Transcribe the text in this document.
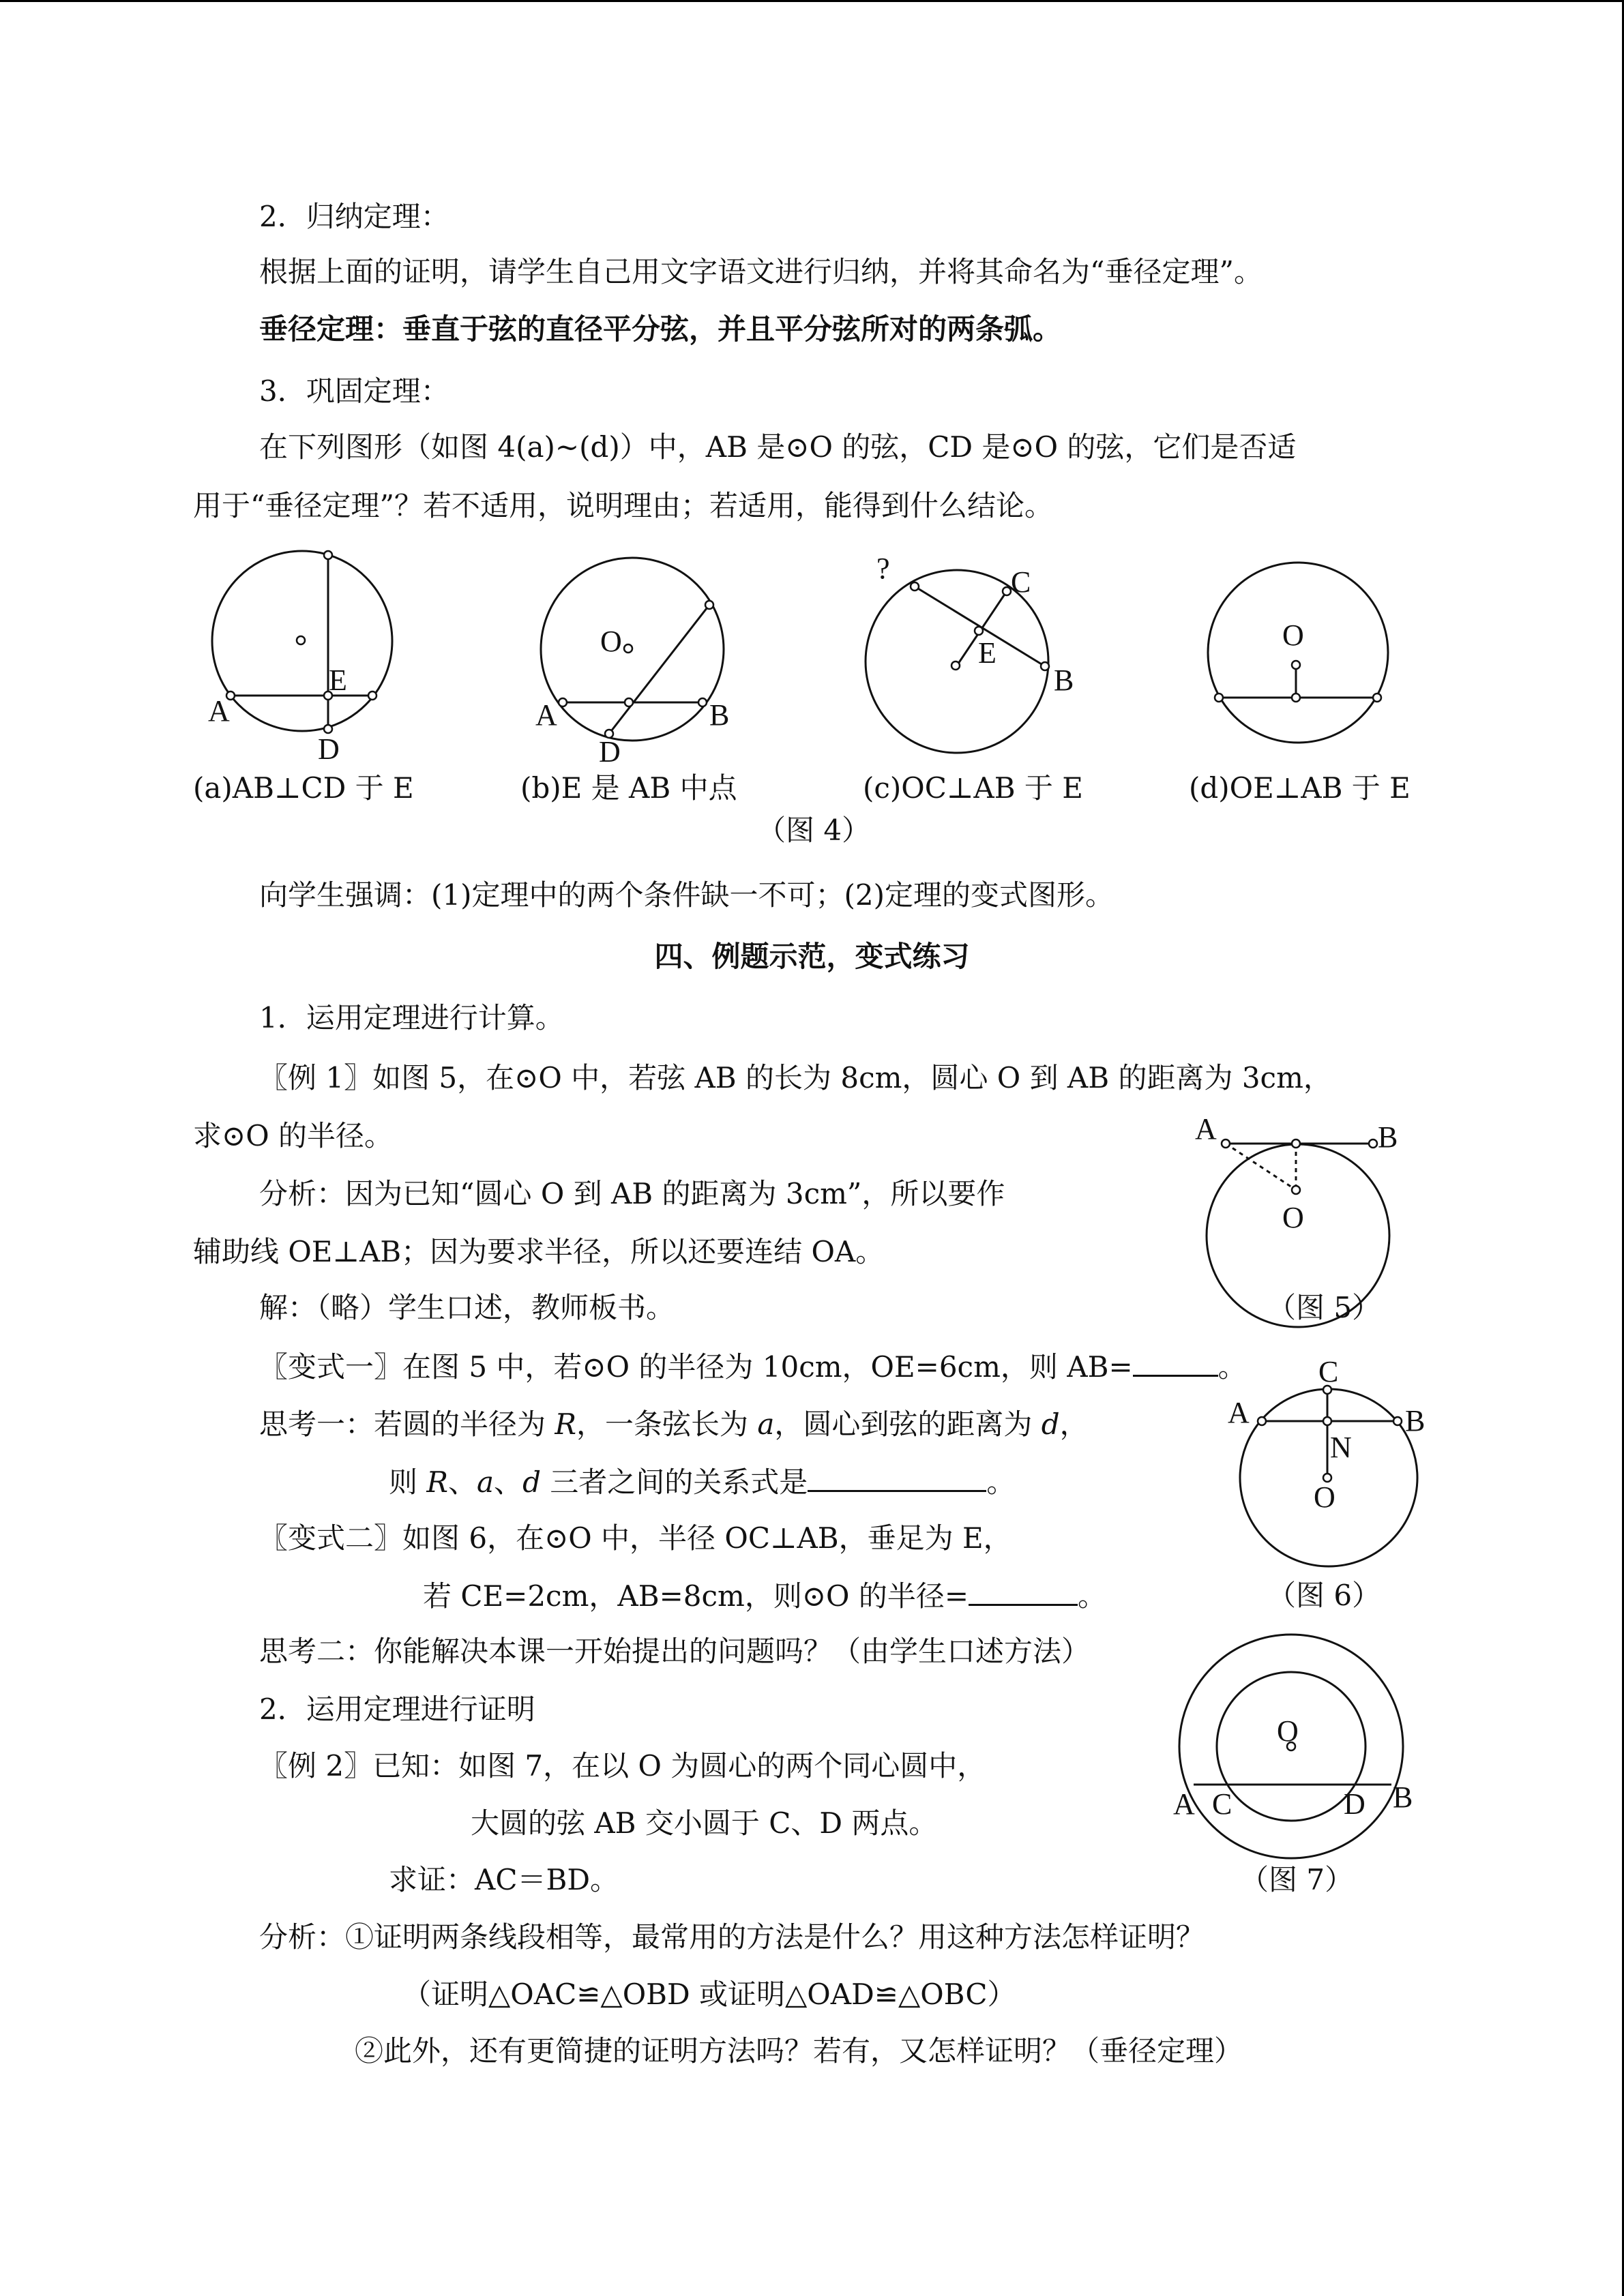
2．归纳定理：
根据上面的证明，请学生自己用文字语文进行归纳，并将其命名为“垂径定理”。
垂径定理：垂直于弦的直径平分弦，并且平分弦所对的两条弧。
3．巩固定理：
在下列图形（如图 4(a)~(d)）中，AB 是⊙O 的弦，CD 是⊙O 的弦，它们是否适
用于“垂径定理”？若不适用，说明理由；若适用，能得到什么结论。
A
E
D
O
A
D
B
?	C
E
B
O
(a)AB⊥CD 于 E	(b)E 是 AB 中点	(c)OC⊥AB 于 E	(d)OE⊥AB 于 E
（图 4）
向学生强调：(1)定理中的两个条件缺一不可；(2)定理的变式图形。
四、例题示范，变式练习
1．运用定理进行计算。
〖例 1〗如图 5，在⊙O 中，若弦 AB 的长为 8cm，圆心 O 到 AB 的距离为 3cm，
求⊙O 的半径。	A	B
O
分析：因为已知“圆心 O 到 AB 的距离为 3cm”，所以要作
辅助线 OE⊥AB；因为要求半径，所以还要连结 OA。
解：（略）学生口述，教师板书。	（图 5）
〖变式一〗在图 5 中，若⊙O 的半径为 10cm，OE=6cm，则 AB=	。 C
A	B
N
O
思考一：若圆的半径为 R，一条弦长为 a，圆心到弦的距离为 d，
则 R、a、d 三者之间的关系式是	。
〖变式二〗如图 6，在⊙O 中，半径 OC⊥AB，垂足为 E，
若 CE=2cm，AB=8cm，则⊙O 的半径=	。	（图 6）
思考二：你能解决本课一开始提出的问题吗？（由学生口述方法）
2．运用定理进行证明
O
A C	D B
〖例 2〗已知：如图 7，在以 O 为圆心的两个同心圆中，
大圆的弦 AB 交小圆于 C、D 两点。
求证：AC＝BD。	（图 7）
分析：①证明两条线段相等，最常用的方法是什么？用这种方法怎样证明？
（证明△OAC≌△OBD 或证明△OAD≌△OBC）
②此外，还有更简捷的证明方法吗？若有，又怎样证明？（垂径定理）
